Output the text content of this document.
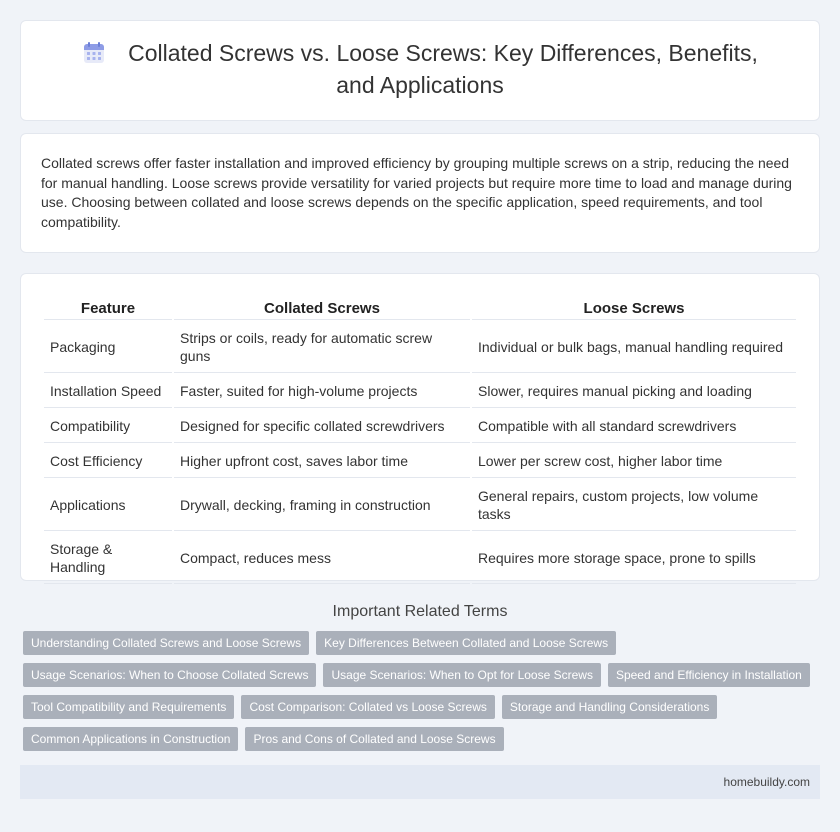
Collated Screws vs. Loose Screws: Key Differences, Benefits, and Applications

Collated screws offer faster installation and improved efficiency by grouping multiple screws on a strip, reducing the need for manual handling. Loose screws provide versatility for varied projects but require more time to load and manage during use. Choosing between collated and loose screws depends on the specific application, speed requirements, and tool compatibility.

Feature	Collated Screws	Loose Screws
Packaging	Strips or coils, ready for automatic screw guns	Individual or bulk bags, manual handling required
Installation Speed	Faster, suited for high-volume projects	Slower, requires manual picking and loading
Compatibility	Designed for specific collated screwdrivers	Compatible with all standard screwdrivers
Cost Efficiency	Higher upfront cost, saves labor time	Lower per screw cost, higher labor time
Applications	Drywall, decking, framing in construction	General repairs, custom projects, low volume tasks
Storage & Handling	Compact, reduces mess	Requires more storage space, prone to spills
Important Related Terms
Understanding Collated Screws and Loose Screws	Key Differences Between Collated and Loose Screws
Usage Scenarios: When to Choose Collated Screws	Usage Scenarios: When to Opt for Loose Screws	Speed and Efficiency in Installation
Tool Compatibility and Requirements	Cost Comparison: Collated vs Loose Screws	Storage and Handling Considerations
Common Applications in Construction	Pros and Cons of Collated and Loose Screws
homebuildy.com
